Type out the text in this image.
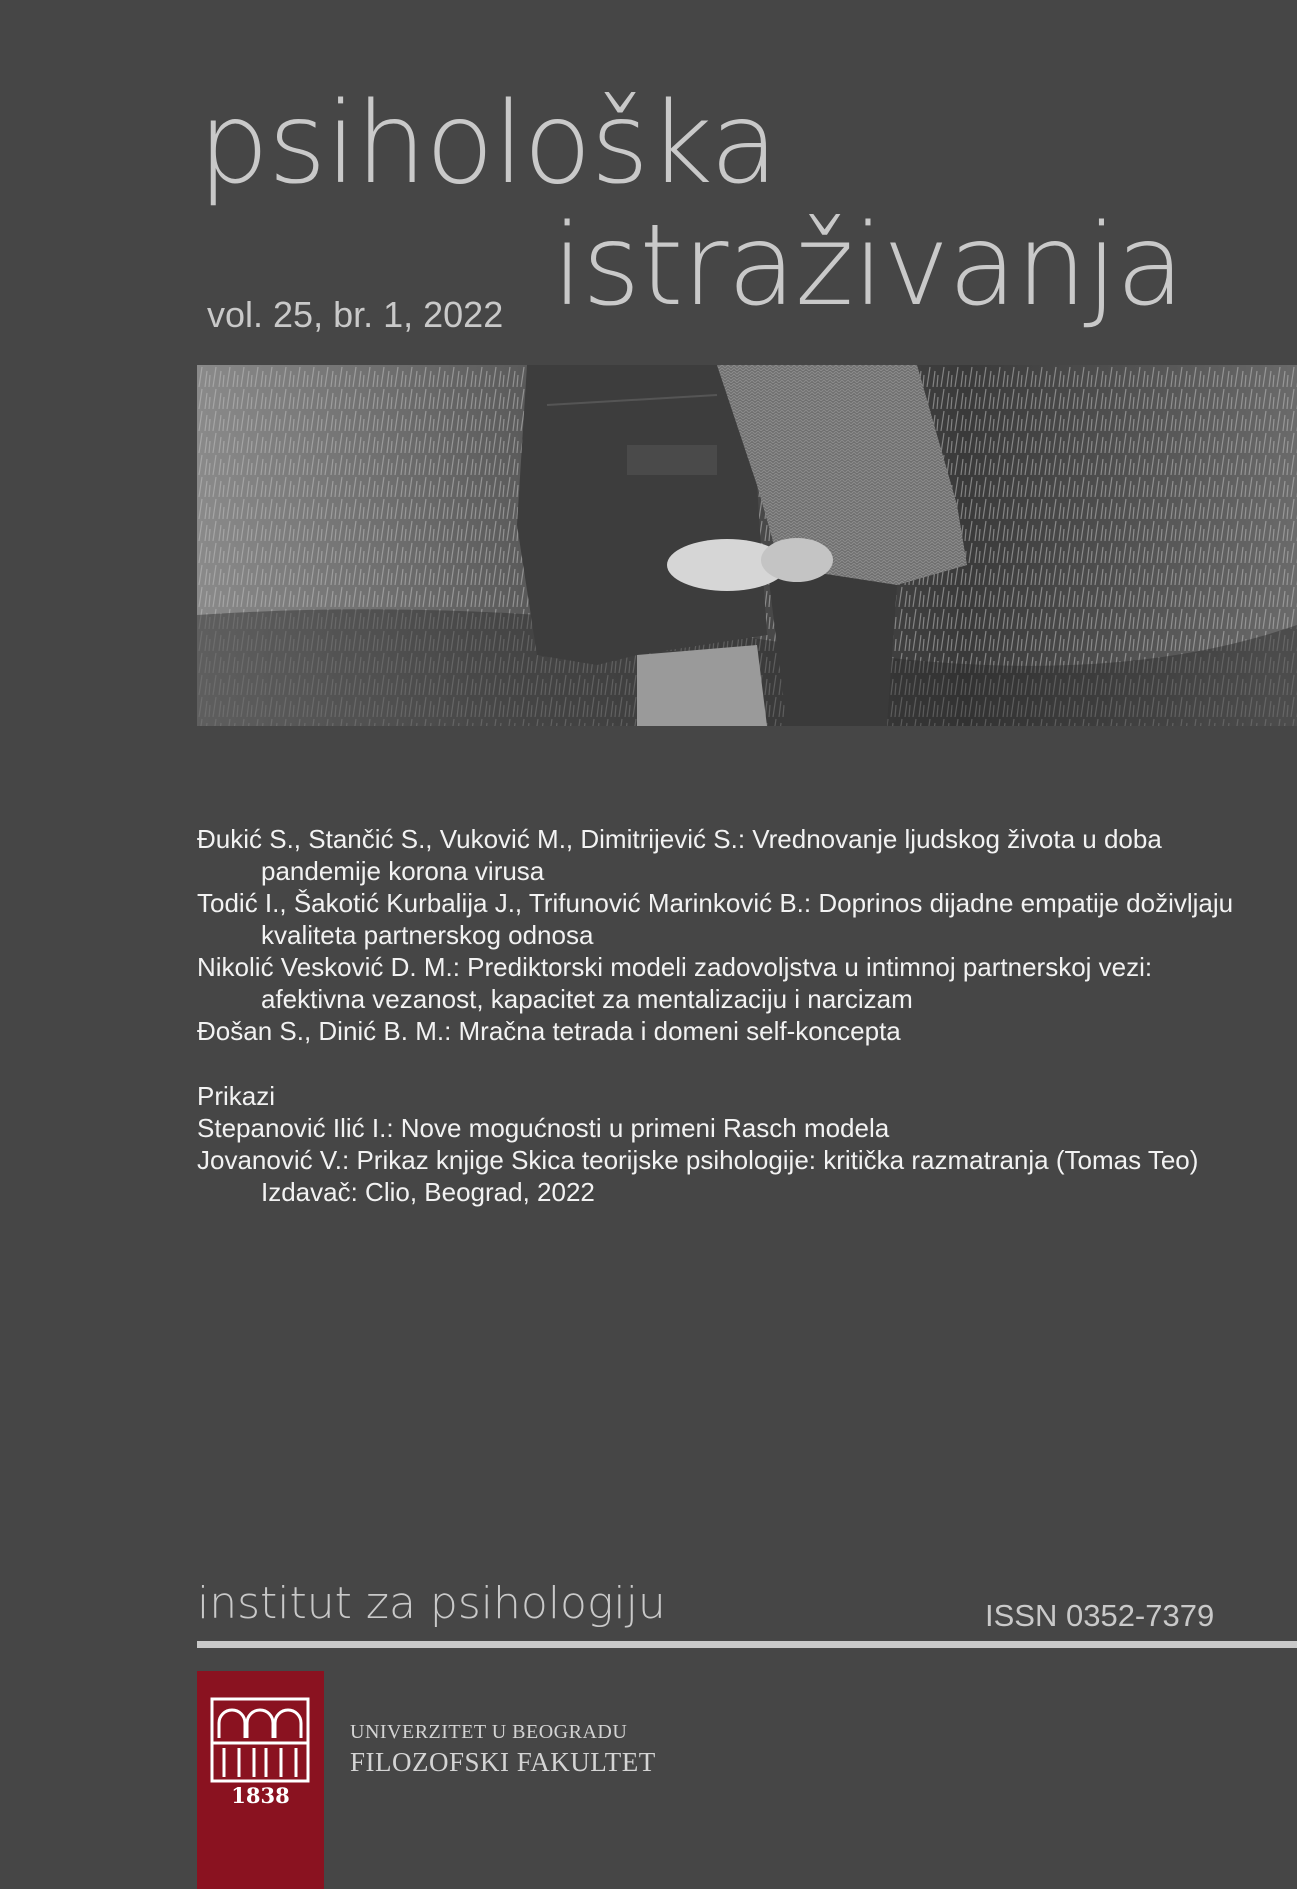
psihološka
istraživanja
vol. 25, br. 1, 2022

Đukić S., Stančić S., Vuković M., Dimitrijević S.: Vrednovanje ljudskog života u doba pandemije korona virusa

Todić I., Šakotić Kurbalija J., Trifunović Marinković B.: Doprinos dijadne empatije doživljaju kvaliteta partnerskog odnosa

Nikolić Vesković D. M.: Prediktorski modeli zadovoljstva u intimnoj partnerskoj vezi: afektivna vezanost, kapacitet za mentalizaciju i narcizam

Đošan S., Dinić B. M.: Mračna tetrada i domeni self-koncepta

Prikazi

Stepanović Ilić I.: Nove mogućnosti u primeni Rasch modela

Jovanović V.: Prikaz knjige Skica teorijske psihologije: kritička razmatranja (Tomas Teo) Izdavač: Clio, Beograd, 2022

institut za psihologiju	ISSN 0352-7379
1838
UNIVERZITET U BEOGRADU
FILOZOFSKI FAKULTET
